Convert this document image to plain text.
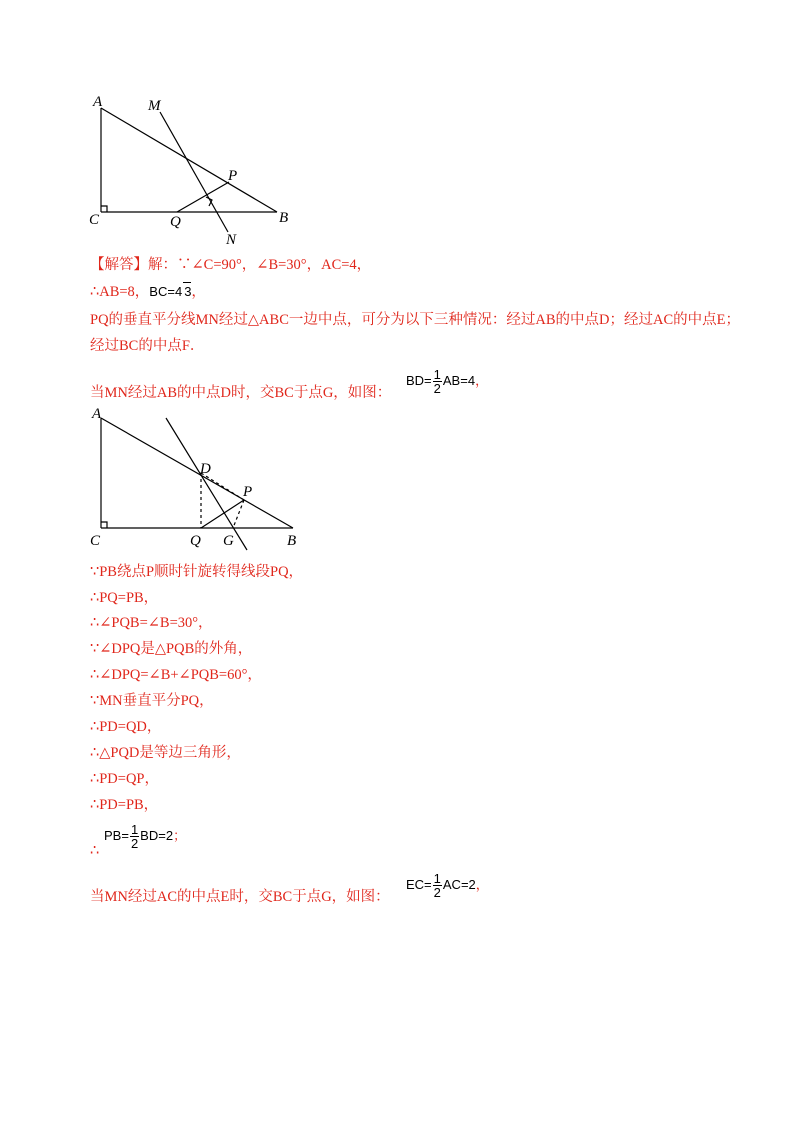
A	M
P
C	Q	B
N
【解答】解：∵∠C=90°，∠B=30°，AC=4，
∴AB=8，BC=4 3，
PQ的垂直平分线MN经过△ABC一边中点，可分为以下三种情况：经过AB的中点D；经过AC的中点E；经过BC的中点F．
当MN经过AB的中点D时，交BC于点G，如图：
$BD= \frac{1}{2} AB=4$，
A
D
P
C	Q G	B
∵PB绕点P顺时针旋转得线段PQ，
∴PQ=PB，
∴∠PQB=∠B=30°，
∵∠DPQ是△PQB的外角，
∴∠DPQ=∠B+∠PQB=60°，
∵MN垂直平分PQ，
∴PD=QD，
∴△PQD是等边三角形，
∴PD=QP，
∴PD=PB，
∴
$PB= \frac{1}{2} BD=2$；
当MN经过AC的中点E时，交BC于点G，如图：
$EC= \frac{1}{2} AC=2$，
